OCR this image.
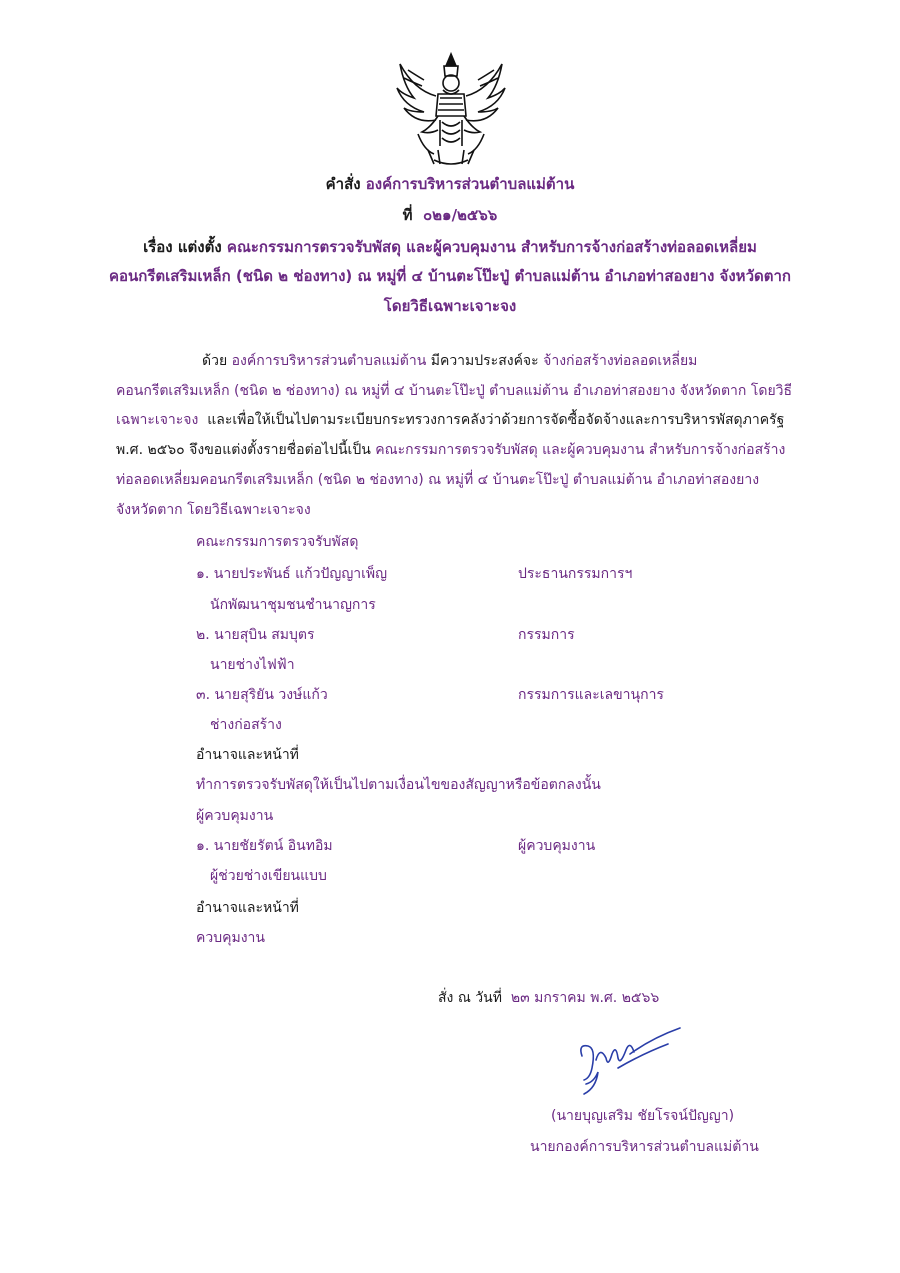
คำสั่ง องค์การบริหารส่วนตำบลแม่ต้าน
ที่ ๐๒๑/๒๕๖๖
เรื่อง แต่งตั้ง คณะกรรมการตรวจรับพัสดุ และผู้ควบคุมงาน สำหรับการจ้างก่อสร้างท่อลอดเหลี่ยม
คอนกรีตเสริมเหล็ก (ชนิด ๒ ช่องทาง) ณ หมู่ที่ ๔ บ้านตะโป๊ะปู่ ตำบลแม่ต้าน อำเภอท่าสองยาง จังหวัดตาก
โดยวิธีเฉพาะเจาะจง
ด้วย องค์การบริหารส่วนตำบลแม่ต้าน มีความประสงค์จะ จ้างก่อสร้างท่อลอดเหลี่ยม
คอนกรีตเสริมเหล็ก (ชนิด ๒ ช่องทาง) ณ หมู่ที่ ๔ บ้านตะโป๊ะปู่ ตำบลแม่ต้าน อำเภอท่าสองยาง จังหวัดตาก โดยวิธี
เฉพาะเจาะจง และเพื่อให้เป็นไปตามระเบียบกระทรวงการคลังว่าด้วยการจัดซื้อจัดจ้างและการบริหารพัสดุภาครัฐ
พ.ศ. ๒๕๖๐ จึงขอแต่งตั้งรายชื่อต่อไปนี้เป็น คณะกรรมการตรวจรับพัสดุ และผู้ควบคุมงาน สำหรับการจ้างก่อสร้าง
ท่อลอดเหลี่ยมคอนกรีตเสริมเหล็ก (ชนิด ๒ ช่องทาง) ณ หมู่ที่ ๔ บ้านตะโป๊ะปู่ ตำบลแม่ต้าน อำเภอท่าสองยาง
จังหวัดตาก โดยวิธีเฉพาะเจาะจง
คณะกรรมการตรวจรับพัสดุ
๑. นายประพันธ์ แก้วปัญญาเพ็ญ	ประธานกรรมการฯ
นักพัฒนาชุมชนชำนาญการ
๒. นายสุบิน สมบุตร	กรรมการ
นายช่างไฟฟ้า
๓. นายสุริยัน วงษ์แก้ว	กรรมการและเลขานุการ
ช่างก่อสร้าง
อำนาจและหน้าที่
ทำการตรวจรับพัสดุให้เป็นไปตามเงื่อนไขของสัญญาหรือข้อตกลงนั้น
ผู้ควบคุมงาน
๑. นายชัยรัตน์ อินทอิม	ผู้ควบคุมงาน
ผู้ช่วยช่างเขียนแบบ
อำนาจและหน้าที่
ควบคุมงาน
สั่ง ณ วันที่ ๒๓ มกราคม พ.ศ. ๒๕๖๖
(นายบุญเสริม ชัยโรจน์ปัญญา)
นายกองค์การบริหารส่วนตำบลแม่ต้าน
